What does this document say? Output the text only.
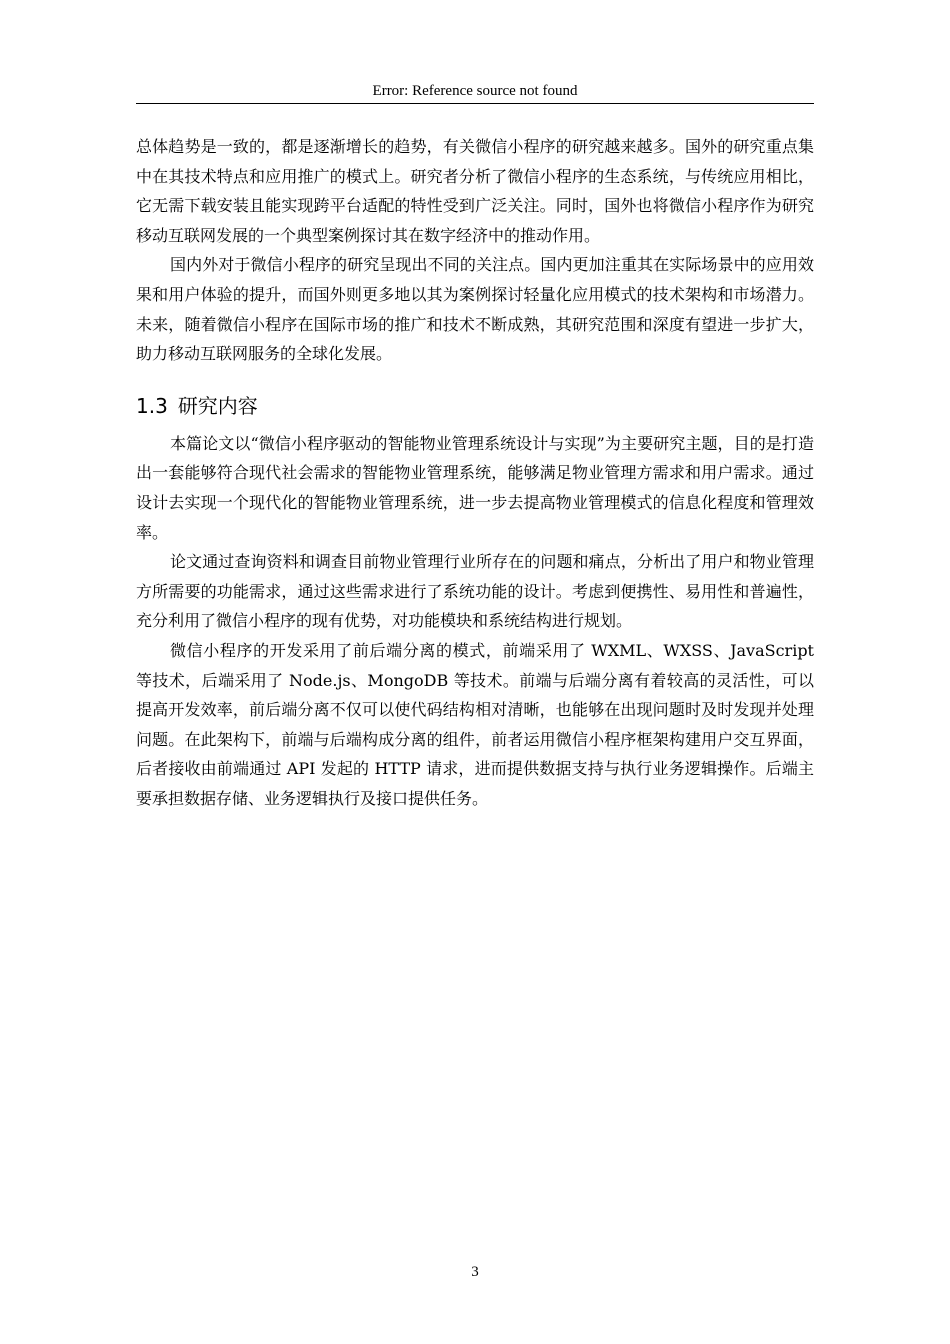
Error: Reference source not found

总体趋势是一致的，都是逐渐增长的趋势，有关微信小程序的研究越来越多。国外的研究重点集中在其技术特点和应用推广的模式上。研究者分析了微信小程序的生态系统，与传统应用相比，它无需下载安装且能实现跨平台适配的特性受到广泛关注。同时，国外也将微信小程序作为研究移动互联网发展的一个典型案例探讨其在数字经济中的推动作用。

国内外对于微信小程序的研究呈现出不同的关注点。国内更加注重其在实际场景中的应用效果和用户体验的提升，而国外则更多地以其为案例探讨轻量化应用模式的技术架构和市场潜力。未来，随着微信小程序在国际市场的推广和技术不断成熟，其研究范围和深度有望进一步扩大，助力移动互联网服务的全球化发展。

1.3 研究内容

本篇论文以“微信小程序驱动的智能物业管理系统设计与实现”为主要研究主题，目的是打造出一套能够符合现代社会需求的智能物业管理系统，能够满足物业管理方需求和用户需求。通过设计去实现一个现代化的智能物业管理系统，进一步去提高物业管理模式的信息化程度和管理效率。

论文通过查询资料和调查目前物业管理行业所存在的问题和痛点，分析出了用户和物业管理方所需要的功能需求，通过这些需求进行了系统功能的设计。考虑到便携性、易用性和普遍性，充分利用了微信小程序的现有优势，对功能模块和系统结构进行规划。

微信小程序的开发采用了前后端分离的模式，前端采用了 WXML、WXSS、JavaScript 等技术，后端采用了 Node.js、MongoDB 等技术。前端与后端分离有着较高的灵活性，可以提高开发效率，前后端分离不仅可以使代码结构相对清晰，也能够在出现问题时及时发现并处理问题。在此架构下，前端与后端构成分离的组件，前者运用微信小程序框架构建用户交互界面，后者接收由前端通过 API 发起的 HTTP 请求，进而提供数据支持与执行业务逻辑操作。后端主要承担数据存储、业务逻辑执行及接口提供任务。

3
